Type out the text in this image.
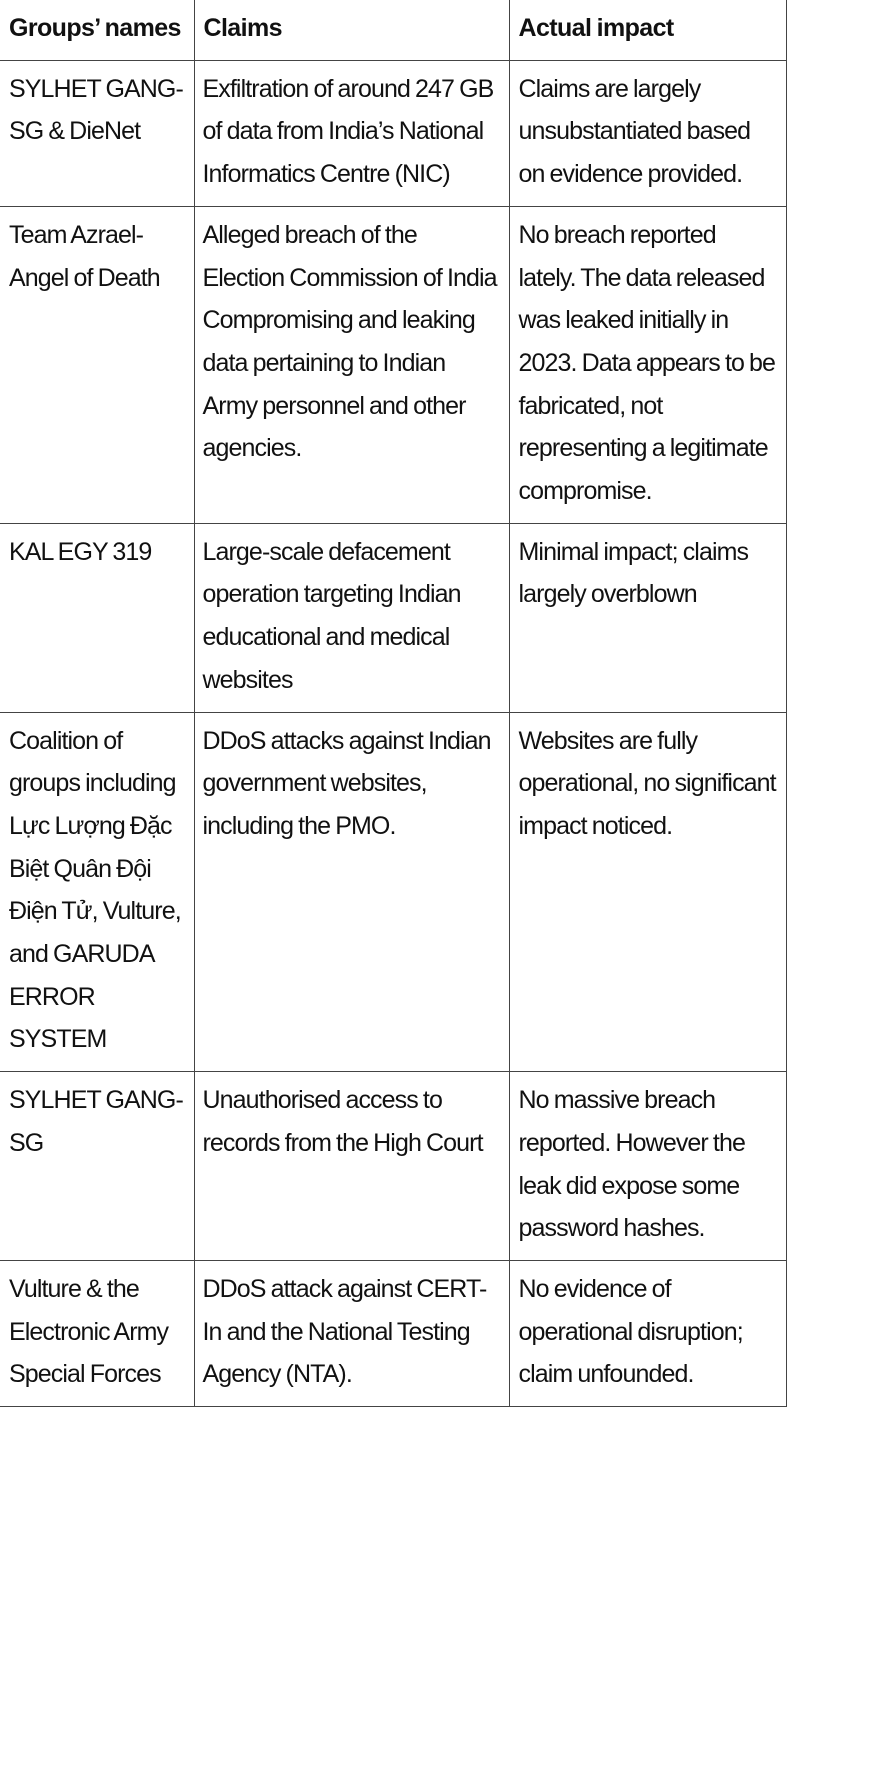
Groups’ names	Claims	Actual impact
SYLHET GANG-SG & DieNet	Exfiltration of around 247 GB of data from India’s National Informatics Centre (NIC)	Claims are largely unsubstantiated based on evidence provided.
Team Azrael-Angel of Death	Alleged breach of the Election Commission of India Compromising and leaking data pertaining to Indian Army personnel and other agencies.	No breach reported lately. The data released was leaked initially in 2023. Data appears to be fabricated, not representing a legitimate compromise.
KAL EGY 319	Large-scale defacement operation targeting Indian educational and medical websites	Minimal impact; claims largely overblown
Coalition of groups including Lực Lượng Đặc Biệt Quân Đội Điện Tử, Vulture, and GARUDA ERROR SYSTEM	DDoS attacks against Indian government websites, including the PMO.	Websites are fully operational, no significant impact noticed.
SYLHET GANG-SG	Unauthorised access to records from the High Court	No massive breach reported. However the leak did expose some password hashes.
Vulture & the Electronic Army Special Forces	DDoS attack against CERT-In and the National Testing Agency (NTA).	No evidence of operational disruption; claim unfounded.
